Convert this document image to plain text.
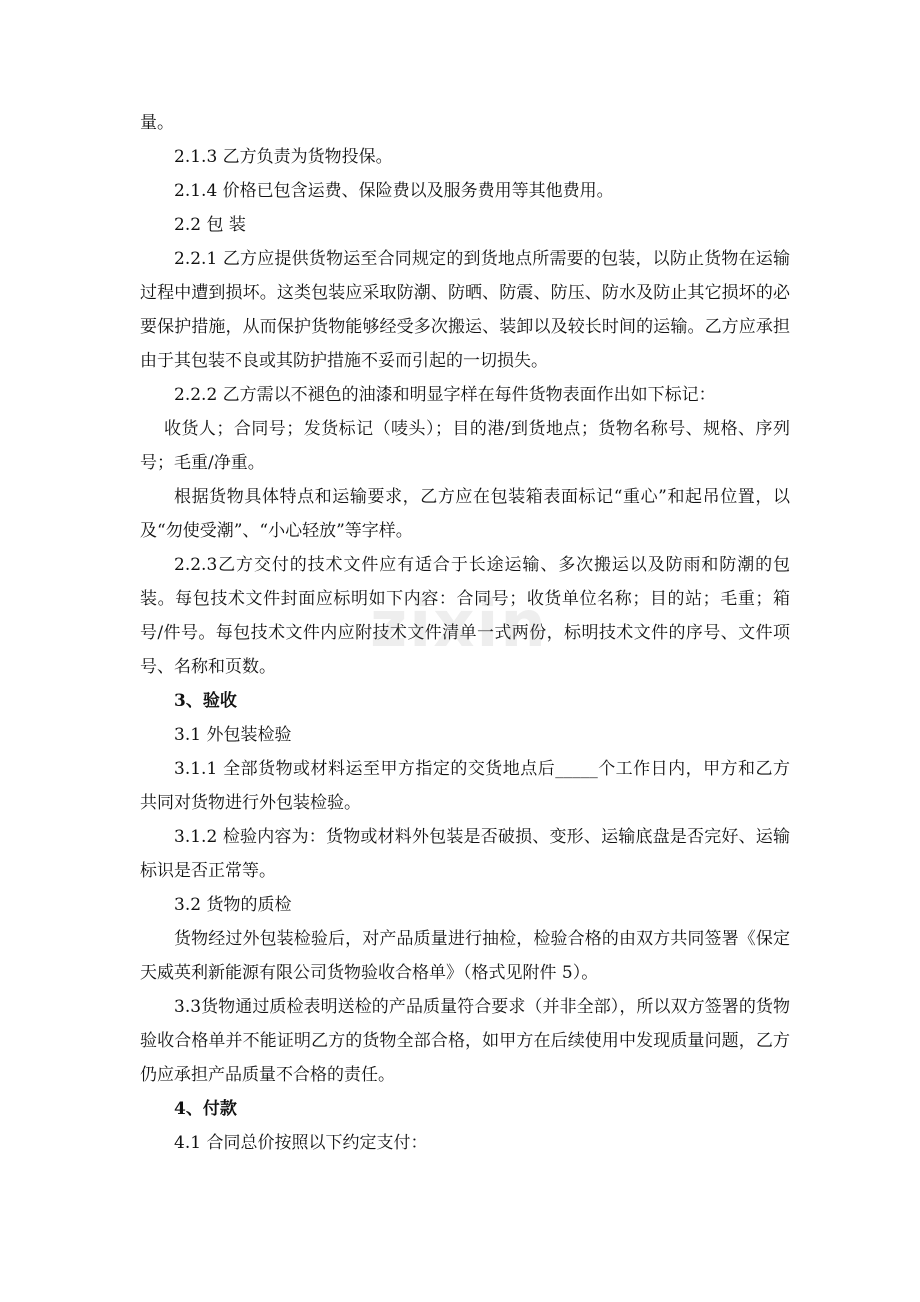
量。

2.1.3 乙方负责为货物投保。

2.1.4 价格已包含运费、保险费以及服务费用等其他费用。

2.2 包 装

2.2.1 乙方应提供货物运至合同规定的到货地点所需要的包装，以防止货物在运输过程中遭到损坏。这类包装应采取防潮、防晒、防震、防压、防水及防止其它损坏的必要保护措施，从而保护货物能够经受多次搬运、装卸以及较长时间的运输。乙方应承担由于其包装不良或其防护措施不妥而引起的一切损失。

2.2.2 乙方需以不褪色的油漆和明显字样在每件货物表面作出如下标记：

收货人；合同号；发货标记（唛头）；目的港/到货地点；货物名称号、规格、序列号；毛重/净重。

根据货物具体特点和运输要求，乙方应在包装箱表面标记“重心”和起吊位置，以及“勿使受潮”、“小心轻放”等字样。

2.2.3乙方交付的技术文件应有适合于长途运输、多次搬运以及防雨和防潮的包装。每包技术文件封面应标明如下内容：合同号；收货单位名称；目的站；毛重；箱号/件号。每包技术文件内应附技术文件清单一式两份，标明技术文件的序号、文件项号、名称和页数。

3、验收

3.1 外包装检验

3.1.1 全部货物或材料运至甲方指定的交货地点后_____个工作日内，甲方和乙方共同对货物进行外包装检验。

3.1.2 检验内容为：货物或材料外包装是否破损、变形、运输底盘是否完好、运输标识是否正常等。

3.2 货物的质检

货物经过外包装检验后，对产品质量进行抽检，检验合格的由双方共同签署《保定天威英利新能源有限公司货物验收合格单》（格式见附件 5）。

3.3货物通过质检表明送检的产品质量符合要求（并非全部），所以双方签署的货物验收合格单并不能证明乙方的货物全部合格，如甲方在后续使用中发现质量问题，乙方仍应承担产品质量不合格的责任。

4、付款

4.1 合同总价按照以下约定支付：

zixin
